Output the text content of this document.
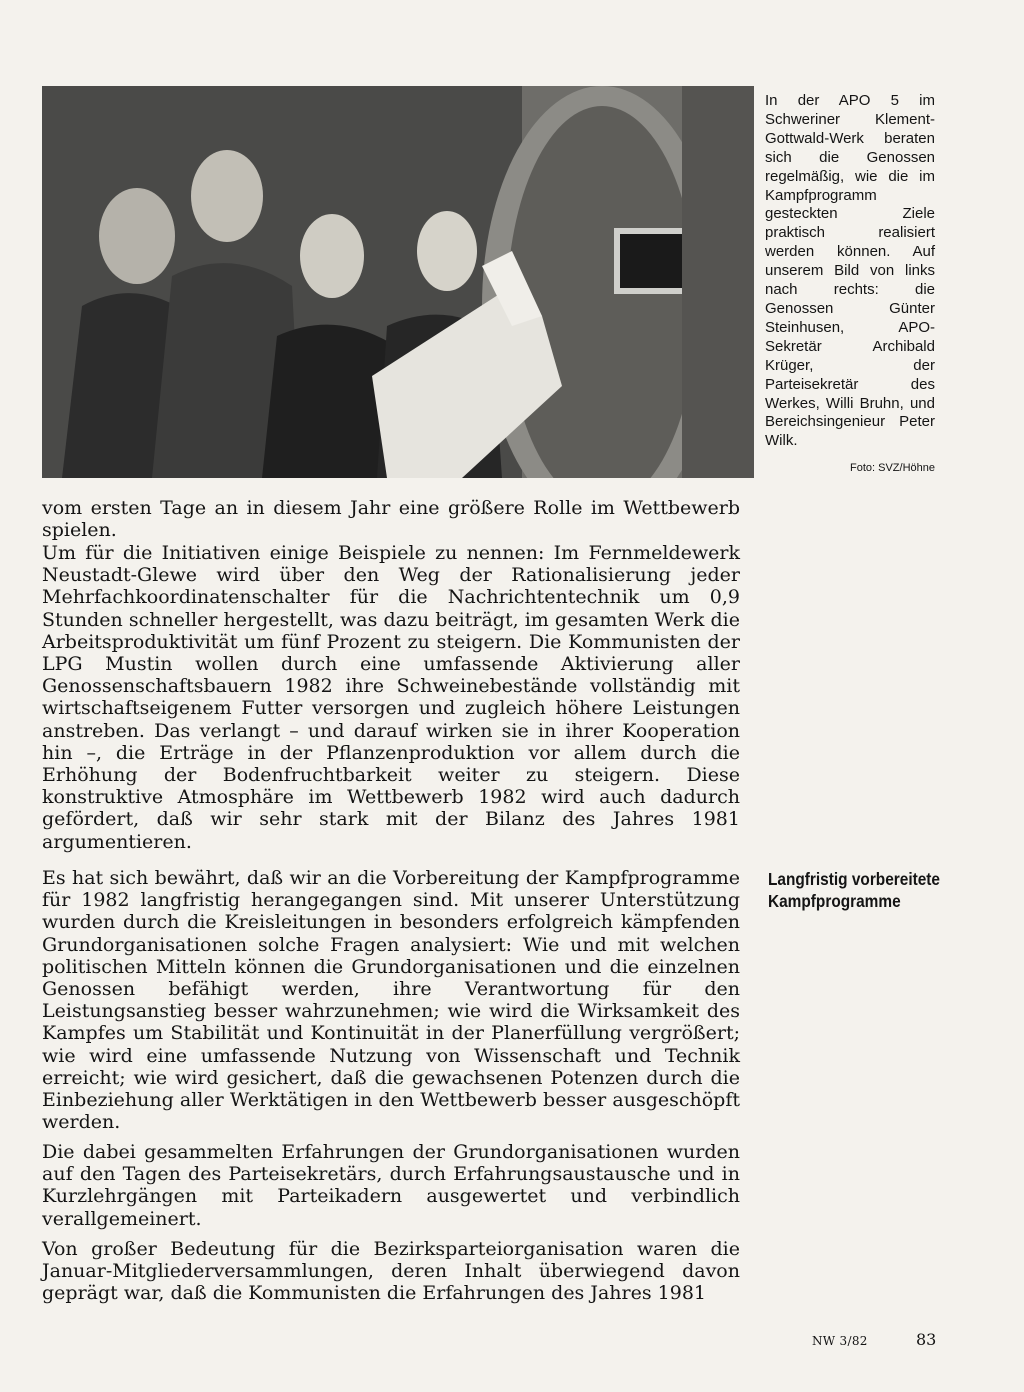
In der APO 5 im Schweriner Klement-Gottwald-Werk beraten sich die Genossen regelmäßig, wie die im Kampfprogramm gesteckten Ziele praktisch realisiert werden können. Auf unserem Bild von links nach rechts: die Genossen Günter Steinhusen, APO-Sekretär Archibald Krüger, der Parteisekretär des Werkes, Willi Bruhn, und Bereichsingenieur Peter Wilk.
Foto: SVZ/Höhne

vom ersten Tage an in diesem Jahr eine größere Rolle im Wettbewerb spielen.

Um für die Initiativen einige Beispiele zu nennen: Im Fernmeldewerk Neustadt-Glewe wird über den Weg der Rationalisierung jeder Mehrfachkoordinatenschalter für die Nachrichtentechnik um 0,9 Stunden schneller hergestellt, was dazu beiträgt, im gesamten Werk die Arbeitsproduktivität um fünf Prozent zu steigern. Die Kommunisten der LPG Mustin wollen durch eine umfassende Aktivierung aller Genossenschaftsbauern 1982 ihre Schweinebestände vollständig mit wirtschaftseigenem Futter versorgen und zugleich höhere Leistungen anstreben. Das verlangt – und darauf wirken sie in ihrer Kooperation hin –, die Erträge in der Pflanzenproduktion vor allem durch die Erhöhung der Bodenfruchtbarkeit weiter zu steigern. Diese konstruktive Atmosphäre im Wettbewerb 1982 wird auch dadurch gefördert, daß wir sehr stark mit der Bilanz des Jahres 1981 argumentieren.

Es hat sich bewährt, daß wir an die Vorbereitung der Kampfprogramme für 1982 langfristig herangegangen sind. Mit unserer Unterstützung wurden durch die Kreisleitungen in besonders erfolgreich kämpfenden Grundorganisationen solche Fragen analysiert: Wie und mit welchen politischen Mitteln können die Grundorganisationen und die einzelnen Genossen befähigt werden, ihre Verantwortung für den Leistungsanstieg besser wahrzunehmen; wie wird die Wirksamkeit des Kampfes um Stabilität und Kontinuität in der Planerfüllung vergrößert; wie wird eine umfassende Nutzung von Wissenschaft und Technik erreicht; wie wird gesichert, daß die gewachsenen Potenzen durch die Einbeziehung aller Werktätigen in den Wettbewerb besser ausgeschöpft werden.

Die dabei gesammelten Erfahrungen der Grundorganisationen wurden auf den Tagen des Parteisekretärs, durch Erfahrungsaustausche und in Kurzlehrgängen mit Parteikadern ausgewertet und verbindlich verallgemeinert.

Von großer Bedeutung für die Bezirksparteiorganisation waren die Januar-Mitgliederversammlungen, deren Inhalt überwiegend davon geprägt war, daß die Kommunisten die Erfahrungen des Jahres 1981

Langfristig vorbereitete Kampfprogramme
NW 3/82	83
